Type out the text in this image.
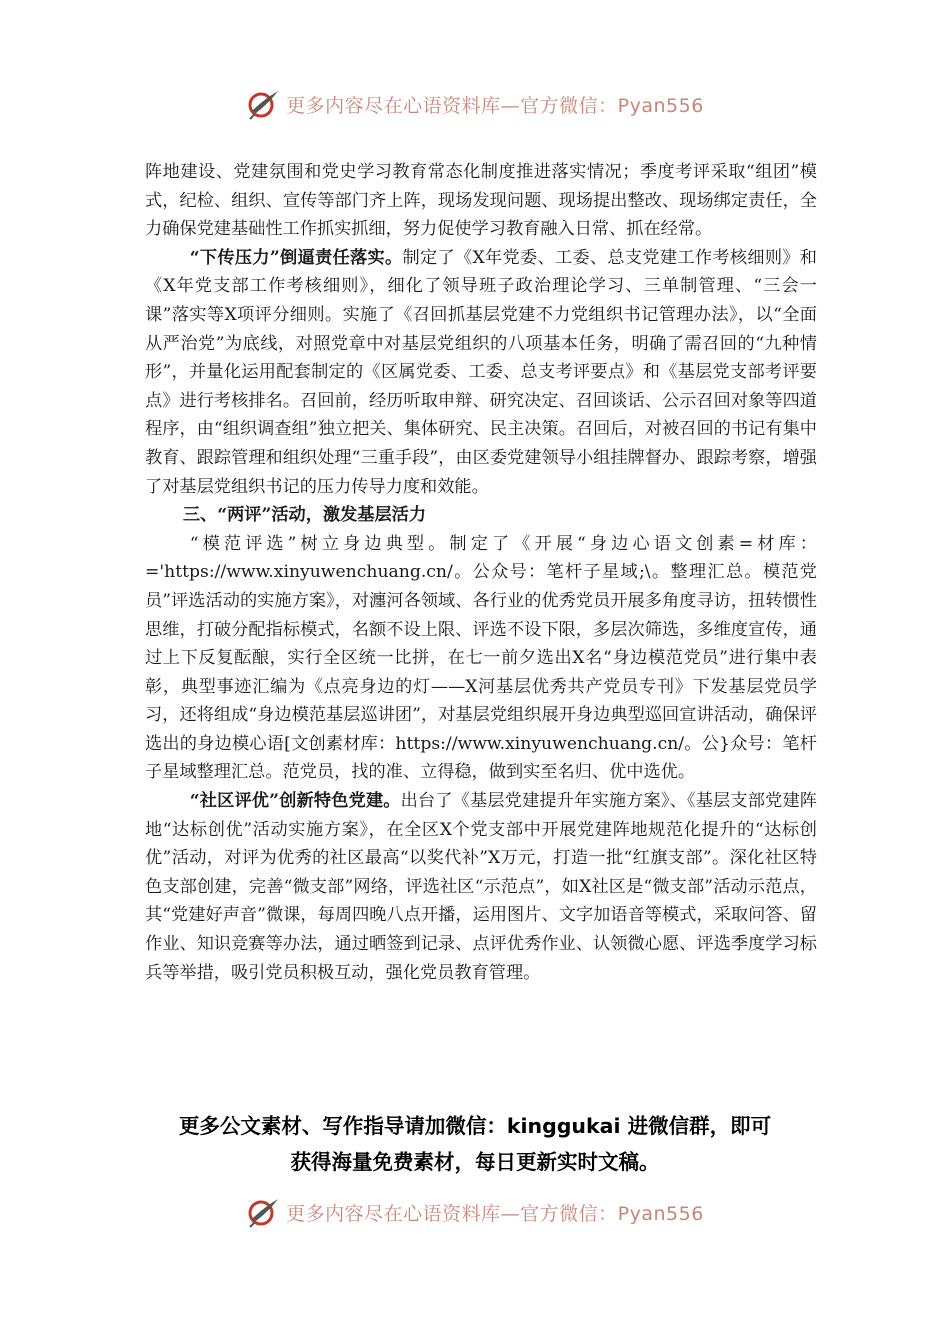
更多内容尽在心语资料库—官方微信：Pyan556

阵地建设、党建氛围和党史学习教育常态化制度推进落实情况；季度考评采取“组团”模式，纪检、组织、宣传等部门齐上阵，现场发现问题、现场提出整改、现场绑定责任，全力确保党建基础性工作抓实抓细，努力促使学习教育融入日常、抓在经常。

“下传压力”倒逼责任落实。制定了《X年党委、工委、总支党建工作考核细则》和《X年党支部工作考核细则》，细化了领导班子政治理论学习、三单制管理、“三会一课”落实等X项评分细则。实施了《召回抓基层党建不力党组织书记管理办法》，以“全面从严治党”为底线，对照党章中对基层党组织的八项基本任务，明确了需召回的“九种情形”，并量化运用配套制定的《区属党委、工委、总支考评要点》和《基层党支部考评要点》进行考核排名。召回前，经历听取申辩、研究决定、召回谈话、公示召回对象等四道程序，由“组织调查组”独立把关、集体研究、民主决策。召回后，对被召回的书记有集中教育、跟踪管理和组织处理“三重手段”，由区委党建领导小组挂牌督办、跟踪考察，增强了对基层党组织书记的压力传导力度和效能。

三、“两评”活动，激发基层活力

“模范评选”树立身边典型。制定了《开展“身边心语文创素=材库：='https://www.xinyuwenchuang.cn/。公众号：笔杆子星域;\。整理汇总。模范党员”评选活动的实施方案》，对瀍河各领域、各行业的优秀党员开展多角度寻访，扭转惯性思维，打破分配指标模式，名额不设上限、评选不设下限，多层次筛选，多维度宣传，通过上下反复酝酿，实行全区统一比拼，在七一前夕选出X名“身边模范党员”进行集中表彰，典型事迹汇编为《点亮身边的灯——X河基层优秀共产党员专刊》下发基层党员学习，还将组成“身边模范基层巡讲团”，对基层党组织展开身边典型巡回宣讲活动，确保评选出的身边模心语[文创素材库：https://www.xinyuwenchuang.cn/。公}众号：笔杆子星域整理汇总。范党员，找的准、立得稳，做到实至名归、优中选优。

“社区评优”创新特色党建。出台了《基层党建提升年实施方案》、《基层支部党建阵地“达标创优”活动实施方案》，在全区X个党支部中开展党建阵地规范化提升的“达标创优”活动，对评为优秀的社区最高“以奖代补”X万元，打造一批“红旗支部”。深化社区特色支部创建，完善“微支部”网络，评选社区“示范点”，如X社区是“微支部”活动示范点，其“党建好声音”微课，每周四晚八点开播，运用图片、文字加语音等模式，采取问答、留作业、知识竞赛等办法，通过晒签到记录、点评优秀作业、认领微心愿、评选季度学习标兵等举措，吸引党员积极互动，强化党员教育管理。

更多公文素材、写作指导请加微信：kinggukai 进微信群，即可
获得海量免费素材，每日更新实时文稿。
更多内容尽在心语资料库—官方微信：Pyan556
